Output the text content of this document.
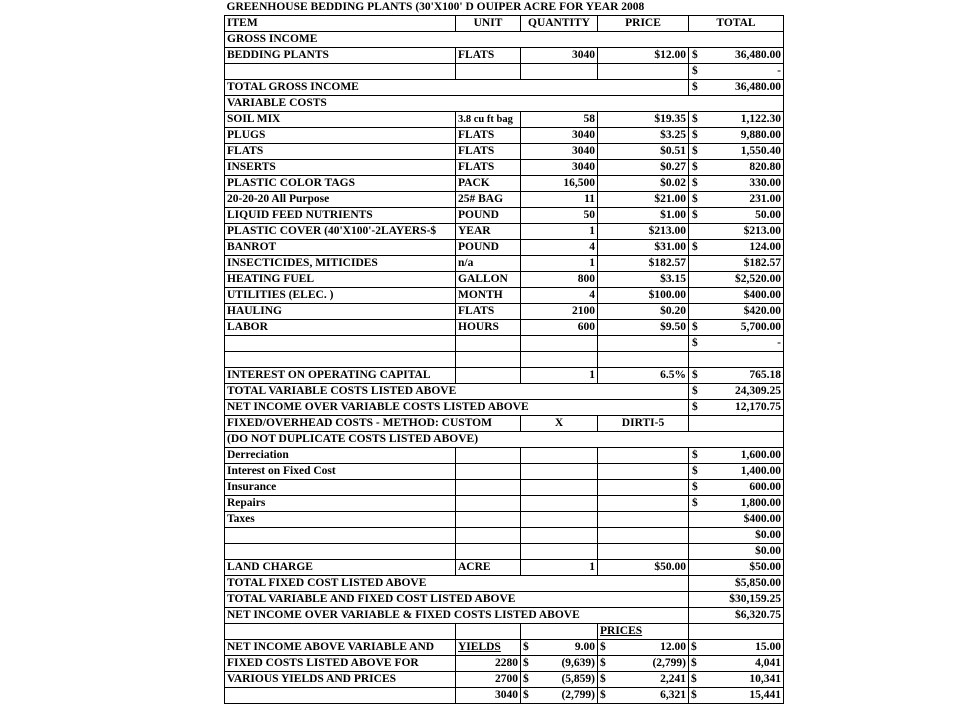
GREENHOUSE BEDDING PLANTS (30'X100' D OUIPER ACRE FOR YEAR 2008				
ITEM	UNIT	QUANTITY	PRICE	TOTAL
GROSS INCOME				
BEDDING PLANTS	FLATS	3040	$12.00	$ 36,480.00

				$ -

TOTAL GROSS INCOME				$ 36,480.00

VARIABLE COSTS				
SOIL MIX	3.8 cu ft bag	58	$19.35	$ 1,122.30

PLUGS	FLATS	3040	$3.25	$ 9,880.00

FLATS	FLATS	3040	$0.51	$ 1,550.40

INSERTS	FLATS	3040	$0.27	$ 820.80

PLASTIC COLOR TAGS	PACK	16,500	$0.02	$ 330.00

20-20-20 All Purpose	25# BAG	11	$21.00	$ 231.00

LIQUID FEED NUTRIENTS	POUND	50	$1.00	$ 50.00

PLASTIC COVER (40'X100'-2LAYERS-$	YEAR	1	$213.00	$213.00
BANROT	POUND	4	$31.00	$ 124.00

INSECTICIDES, MITICIDES	n/a	1	$182.57	$182.57
HEATING FUEL	GALLON	800	$3.15	$2,520.00
UTILITIES (ELEC. )	MONTH	4	$100.00	$400.00
HAULING	FLATS	2100	$0.20	$420.00
LABOR	HOURS	600	$9.50	$ 5,700.00

				$ -

INTEREST ON OPERATING CAPITAL		1	6.5%	$ 765.18

TOTAL VARIABLE COSTS LISTED ABOVE				$ 24,309.25

NET INCOME OVER VARIABLE COSTS LISTED ABOVE				$ 12,170.75

FIXED/OVERHEAD COSTS - METHOD: CUSTOM		X	DIRTI-5	
(DO NOT DUPLICATE COSTS LISTED ABOVE)				
Derreciation				$ 1,600.00

Interest on Fixed Cost				$ 1,400.00

Insurance				$ 600.00

Repairs				$ 1,800.00

Taxes				$400.00
				$0.00
				$0.00
LAND CHARGE	ACRE	1	$50.00	$50.00
TOTAL FIXED COST LISTED ABOVE				$5,850.00
TOTAL VARIABLE AND FIXED COST LISTED ABOVE				$30,159.25
NET INCOME OVER VARIABLE & FIXED COSTS LISTED ABOVE				$6,320.75
			PRICES	
NET INCOME ABOVE VARIABLE AND	YIELDS	$ 9.00	$ 12.00	$ 15.00

FIXED COSTS LISTED ABOVE FOR	2280	$ (9,639)	$ (2,799)	$ 4,041

VARIOUS YIELDS AND PRICES	2700	$ (5,859)	$ 2,241	$ 10,341

	3040	$ (2,799)	$ 6,321	$ 15,441
